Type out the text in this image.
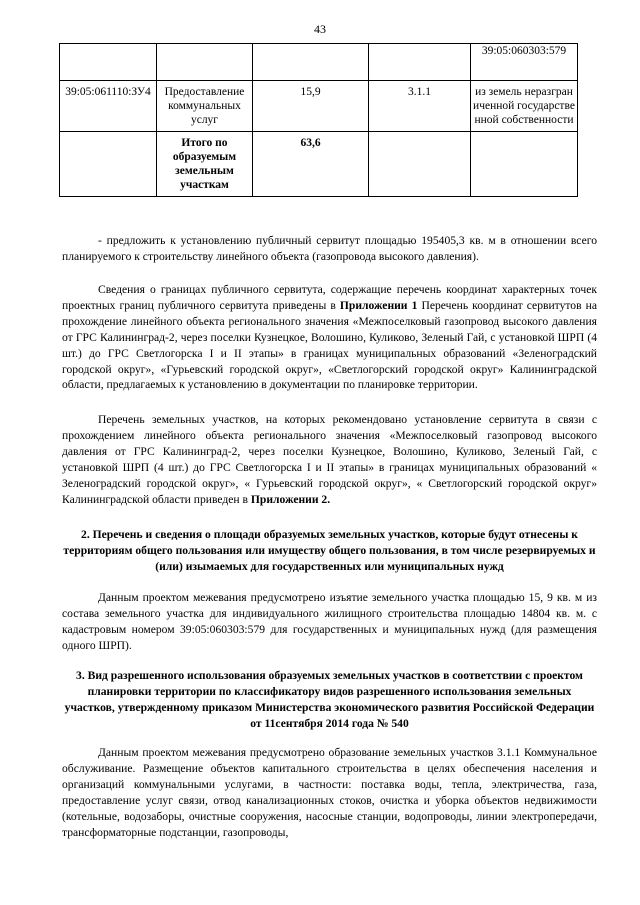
43
				39:05:060303:579
39:05:061110:ЗУ4	Предоставление коммунальных услуг	15,9	3.1.1	из земель неразграниченной государственной собственности
	Итого по образуемым земельным участкам	63,6		

- предложить к установлению публичный сервитут площадью 195405,3 кв. м в отношении всего планируемого к строительству линейного объекта (газопровода высокого давления).

Сведения о границах публичного сервитута, содержащие перечень координат характерных точек проектных границ публичного сервитута приведены в Приложении 1 Перечень координат сервитутов на прохождение линейного объекта регионального значения «Межпоселковый газопровод высокого давления от ГРС Калининград-2, через поселки Кузнецкое, Волошино, Куликово, Зеленый Гай, с установкой ШРП (4 шт.) до ГРС Светлогорска I и II этапы» в границах муниципальных образований «Зеленоградский городской округ», «Гурьевский городской округ», «Светлогорский городской округ» Калининградской области, предлагаемых к установлению в документации по планировке территории.

Перечень земельных участков, на которых рекомендовано установление сервитута в связи с прохождением линейного объекта регионального значения «Межпоселковый газопровод высокого давления от ГРС Калининград-2, через поселки Кузнецкое, Волошино, Куликово, Зеленый Гай, с установкой ШРП (4 шт.) до ГРС Светлогорска I и II этапы» в границах муниципальных образований « Зеленоградский городской округ», « Гурьевский городской округ», « Светлогорский городской округ» Калининградской области приведен в Приложении 2.

2. Перечень и сведения о площади образуемых земельных участков, которые будут отнесены к территориям общего пользования или имуществу общего пользования, в том числе резервируемых и (или) изымаемых для государственных или муниципальных нужд

Данным проектом межевания предусмотрено изъятие земельного участка площадью 15, 9 кв. м из состава земельного участка для индивидуального жилищного строительства площадью 14804 кв. м. с кадастровым номером 39:05:060303:579 для государственных и муниципальных нужд (для размещения одного ШРП).

3. Вид разрешенного использования образуемых земельных участков в соответствии с проектом планировки территории по классификатору видов разрешенного использования земельных участков, утвержденному приказом Министерства экономического развития Российской Федерации от 11сентября 2014 года № 540

Данным проектом межевания предусмотрено образование земельных участков 3.1.1 Коммунальное обслуживание. Размещение объектов капитального строительства в целях обеспечения населения и организаций коммунальными услугами, в частности: поставка воды, тепла, электричества, газа, предоставление услуг связи, отвод канализационных стоков, очистка и уборка объектов недвижимости (котельные, водозаборы, очистные сооружения, насосные станции, водопроводы, линии электропередачи, трансформаторные подстанции, газопроводы,
